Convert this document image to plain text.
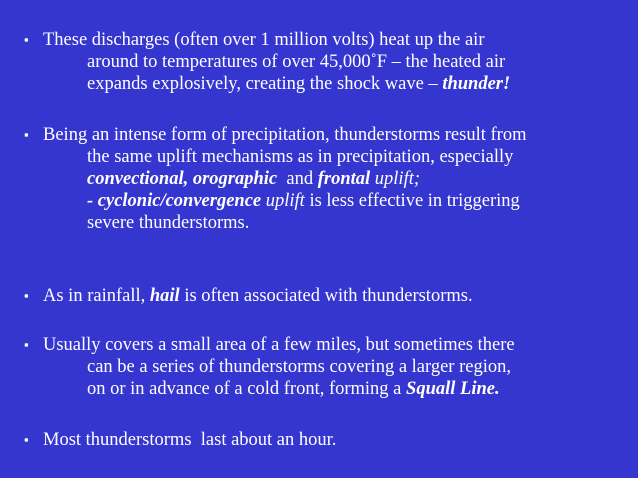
▪ These discharges (often over 1 million volts) heat up the air
around to temperatures of over 45,000˚F – the heated air
expands explosively, creating the shock wave – thunder!
▪ Being an intense form of precipitation, thunderstorms result from
the same uplift mechanisms as in precipitation, especially
convectional, orographic  and frontal uplift;
- cyclonic/convergence uplift is less effective in triggering
severe thunderstorms.
▪ As in rainfall, hail is often associated with thunderstorms.
▪ Usually covers a small area of a few miles, but sometimes there
can be a series of thunderstorms covering a larger region,
on or in advance of a cold front, forming a Squall Line.
▪ Most thunderstorms  last about an hour.
